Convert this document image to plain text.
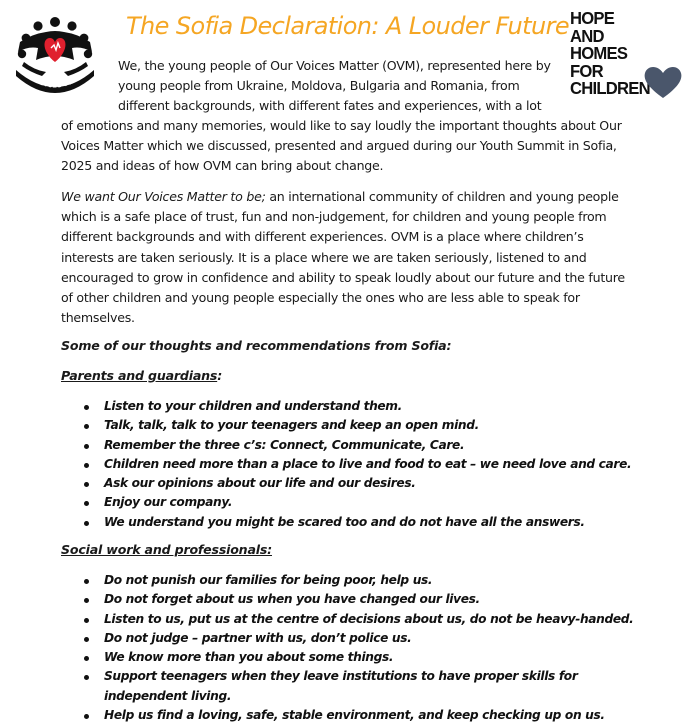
UR VOICES MATTE
The Sofia Declaration: A Louder Future HOPE
AND
HOMES
FOR
CHILDREN
We, the young people of Our Voices Matter (OVM), represented here by young people from Ukraine, Moldova, Bulgaria and Romania, from different backgrounds, with different fates and experiences, with a lot
of emotions and many memories, would like to say loudly the important thoughts about Our Voices Matter which we discussed, presented and argued during our Youth Summit in Sofia, 2025 and ideas of how OVM can bring about change.
We want Our Voices Matter to be; an international community of children and young people which is a safe place of trust, fun and non-judgement, for children and young people from different backgrounds and with different experiences. OVM is a place where children’s interests are taken seriously. It is a place where we are taken seriously, listened to and encouraged to grow in confidence and ability to speak loudly about our future and the future of other children and young people especially the ones who are less able to speak for themselves.
Some of our thoughts and recommendations from Sofia:
Parents and guardians:
Listen to your children and understand them.
Talk, talk, talk to your teenagers and keep an open mind.
Remember the three c’s: Connect, Communicate, Care.
Children need more than a place to live and food to eat – we need love and care.
Ask our opinions about our life and our desires.
Enjoy our company.
We understand you might be scared too and do not have all the answers.
Social work and professionals:
Do not punish our families for being poor, help us.
Do not forget about us when you have changed our lives.
Listen to us, put us at the centre of decisions about us, do not be heavy-handed.
Do not judge – partner with us, don’t police us.
We know more than you about some things.
Support teenagers when they leave institutions to have proper skills for independent living.
Help us find a loving, safe, stable environment, and keep checking up on us.
